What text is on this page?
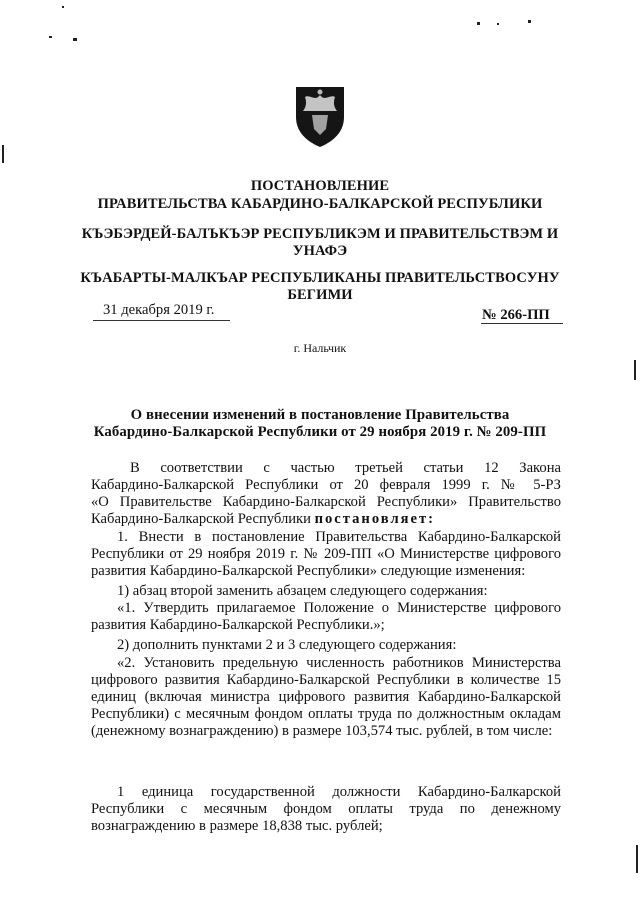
ПОСТАНОВЛЕНИЕ
ПРАВИТЕЛЬСТВА КАБАРДИНО-БАЛКАРСКОЙ РЕСПУБЛИКИ
КЪЭБЭРДЕЙ-БАЛЪКЪЭР РЕСПУБЛИКЭМ И ПРАВИТЕЛЬСТВЭМ И
УНАФЭ
КЪАБАРТЫ-МАЛКЪАР РЕСПУБЛИКАНЫ ПРАВИТЕЛЬСТВОСУНУ
БЕГИМИ
31 декабря 2019 г.	№ 266-ПП
г. Нальчик
О внесении изменений в постановление Правительства
Кабардино-Балкарской Республики от 29 ноября 2019 г. № 209-ПП
В соответствии с частью третьей статьи 12 Закона
Кабардино-Балкарской Республики от 20 февраля 1999 г. № 5-РЗ
«О Правительстве Кабардино-Балкарской Республики» Правительство
Кабардино-Балкарской Республики постановляет:
1. Внести в постановление Правительства Кабардино-Балкарской Республики от 29 ноября 2019 г. № 209-ПП «О Министерстве цифрового развития Кабардино-Балкарской Республики» следующие изменения:
1) абзац второй заменить абзацем следующего содержания:
«1. Утвердить прилагаемое Положение о Министерстве цифрового развития Кабардино-Балкарской Республики.»;
2) дополнить пунктами 2 и 3 следующего содержания:
«2. Установить предельную численность работников Министерства цифрового развития Кабардино-Балкарской Республики в количестве 15 единиц (включая министра цифрового развития Кабардино-Балкарской Республики) с месячным фондом оплаты труда по должностным окладам (денежному вознаграждению) в размере 103,574 тыс. рублей, в том числе:
1 единица государственной должности Кабардино-Балкарской Республики с месячным фондом оплаты труда по денежному вознаграждению в размере 18,838 тыс. рублей;
